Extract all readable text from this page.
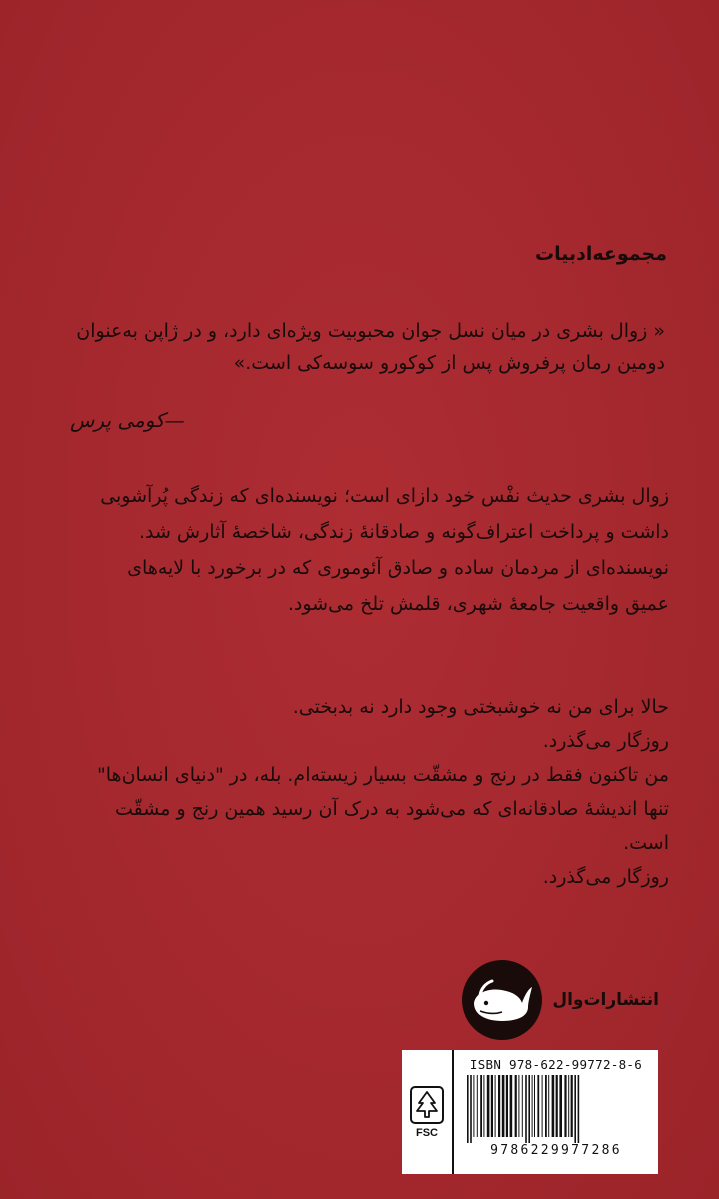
مجموعه‌ادبیات

« زوال بشری در میان نسل جوان محبوبیت ویژه‌ای دارد، و در ژاپن به‌عنوان

دومین رمان پرفروش پس از کوکورو سوسه‌کی است.»

—کومی پرس

زوال بشری حدیث نفْس خود دازای است؛ نویسنده‌ای که زندگی پُرآشوبی

داشت و پرداخت اعتراف‌گونه و صادقانهٔ زندگی، شاخصهٔ آثارش شد.

نویسنده‌ای از مردمان ساده و صادق آئوموری که در برخورد با لایه‌های

عمیق واقعیت جامعهٔ شهری، قلمش تلخ می‌شود.

حالا برای من نه خوشبختی وجود دارد نه بدبختی.

روزگار می‌گذرد.

من تاکنون فقط در رنج و مشقّت بسیار زیسته‌ام. بله، در "دنیای انسان‌ها"

تنها اندیشهٔ صادقانه‌ای که می‌شود به درک آن رسید همین رنج و مشقّت

است.

روزگار می‌گذرد.

انتشارات‌وال
FSC
ISBN 978-622-99772-8-6
9786229977286
